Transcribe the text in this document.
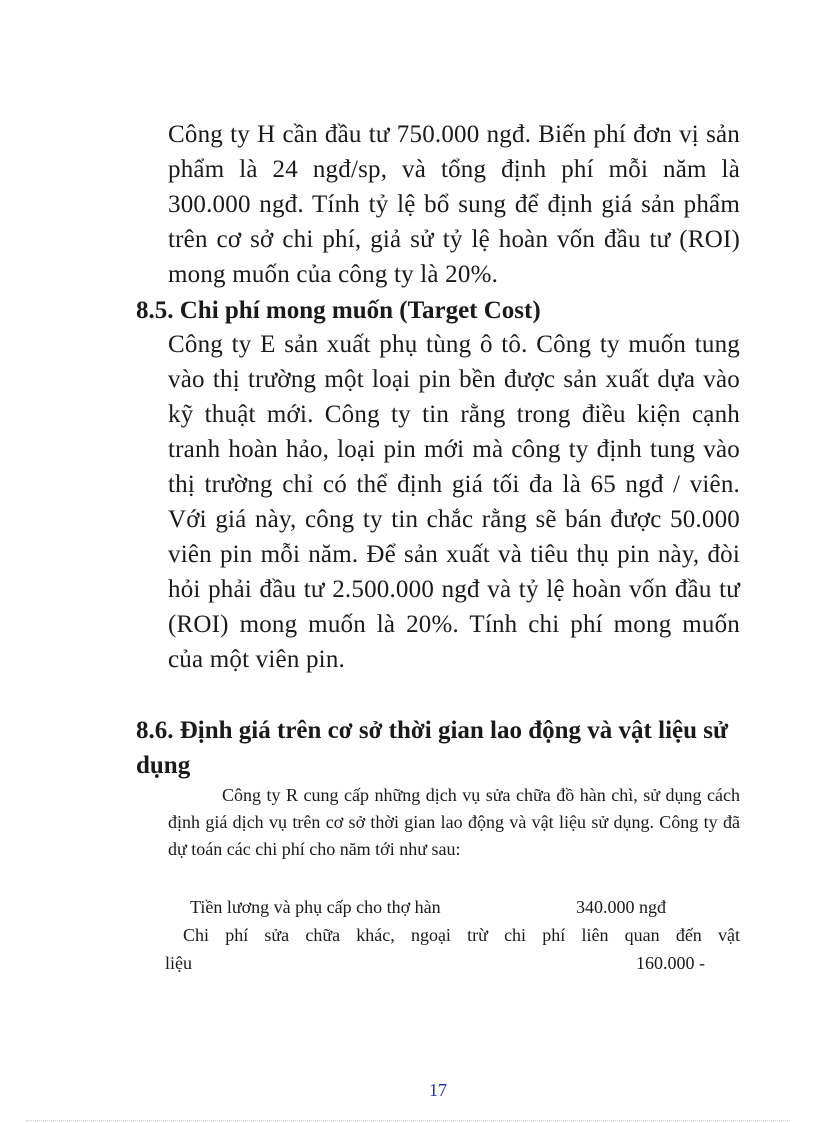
Công ty H cần đầu tư 750.000 ngđ. Biến phí đơn vị sản phẩm là 24 ngđ/sp, và tổng định phí mỗi năm là 300.000 ngđ. Tính tỷ lệ bổ sung để định giá sản phẩm trên cơ sở chi phí, giả sử tỷ lệ hoàn vốn đầu tư (ROI) mong muốn của công ty là 20%.

8.5. Chi phí mong muốn (Target Cost)

Công ty E sản xuất phụ tùng ô tô. Công ty muốn tung vào thị trường một loại pin bền được sản xuất dựa vào kỹ thuật mới. Công ty tin rằng trong điều kiện cạnh tranh hoàn hảo, loại pin mới mà công ty định tung vào thị trường chỉ có thể định giá tối đa là 65 ngđ / viên. Với giá này, công ty tin chắc rằng sẽ bán được 50.000 viên pin mỗi năm. Để sản xuất và tiêu thụ pin này, đòi hỏi phải đầu tư 2.500.000 ngđ và tỷ lệ hoàn vốn đầu tư (ROI) mong muốn là 20%. Tính chi phí mong muốn của một viên pin.

8.6. Định giá trên cơ sở thời gian lao động và vật liệu sử dụng

Công ty R cung cấp những dịch vụ sửa chữa đồ hàn chì, sử dụng cách định giá dịch vụ trên cơ sở thời gian lao động và vật liệu sử dụng. Công ty đã dự toán các chi phí cho năm tới như sau:

Tiền lương và phụ cấp cho thợ hàn	340.000 ngđ
Chi phí sửa chữa khác, ngoại trừ chi phí liên quan đến vật
liệu	160.000 -
17
